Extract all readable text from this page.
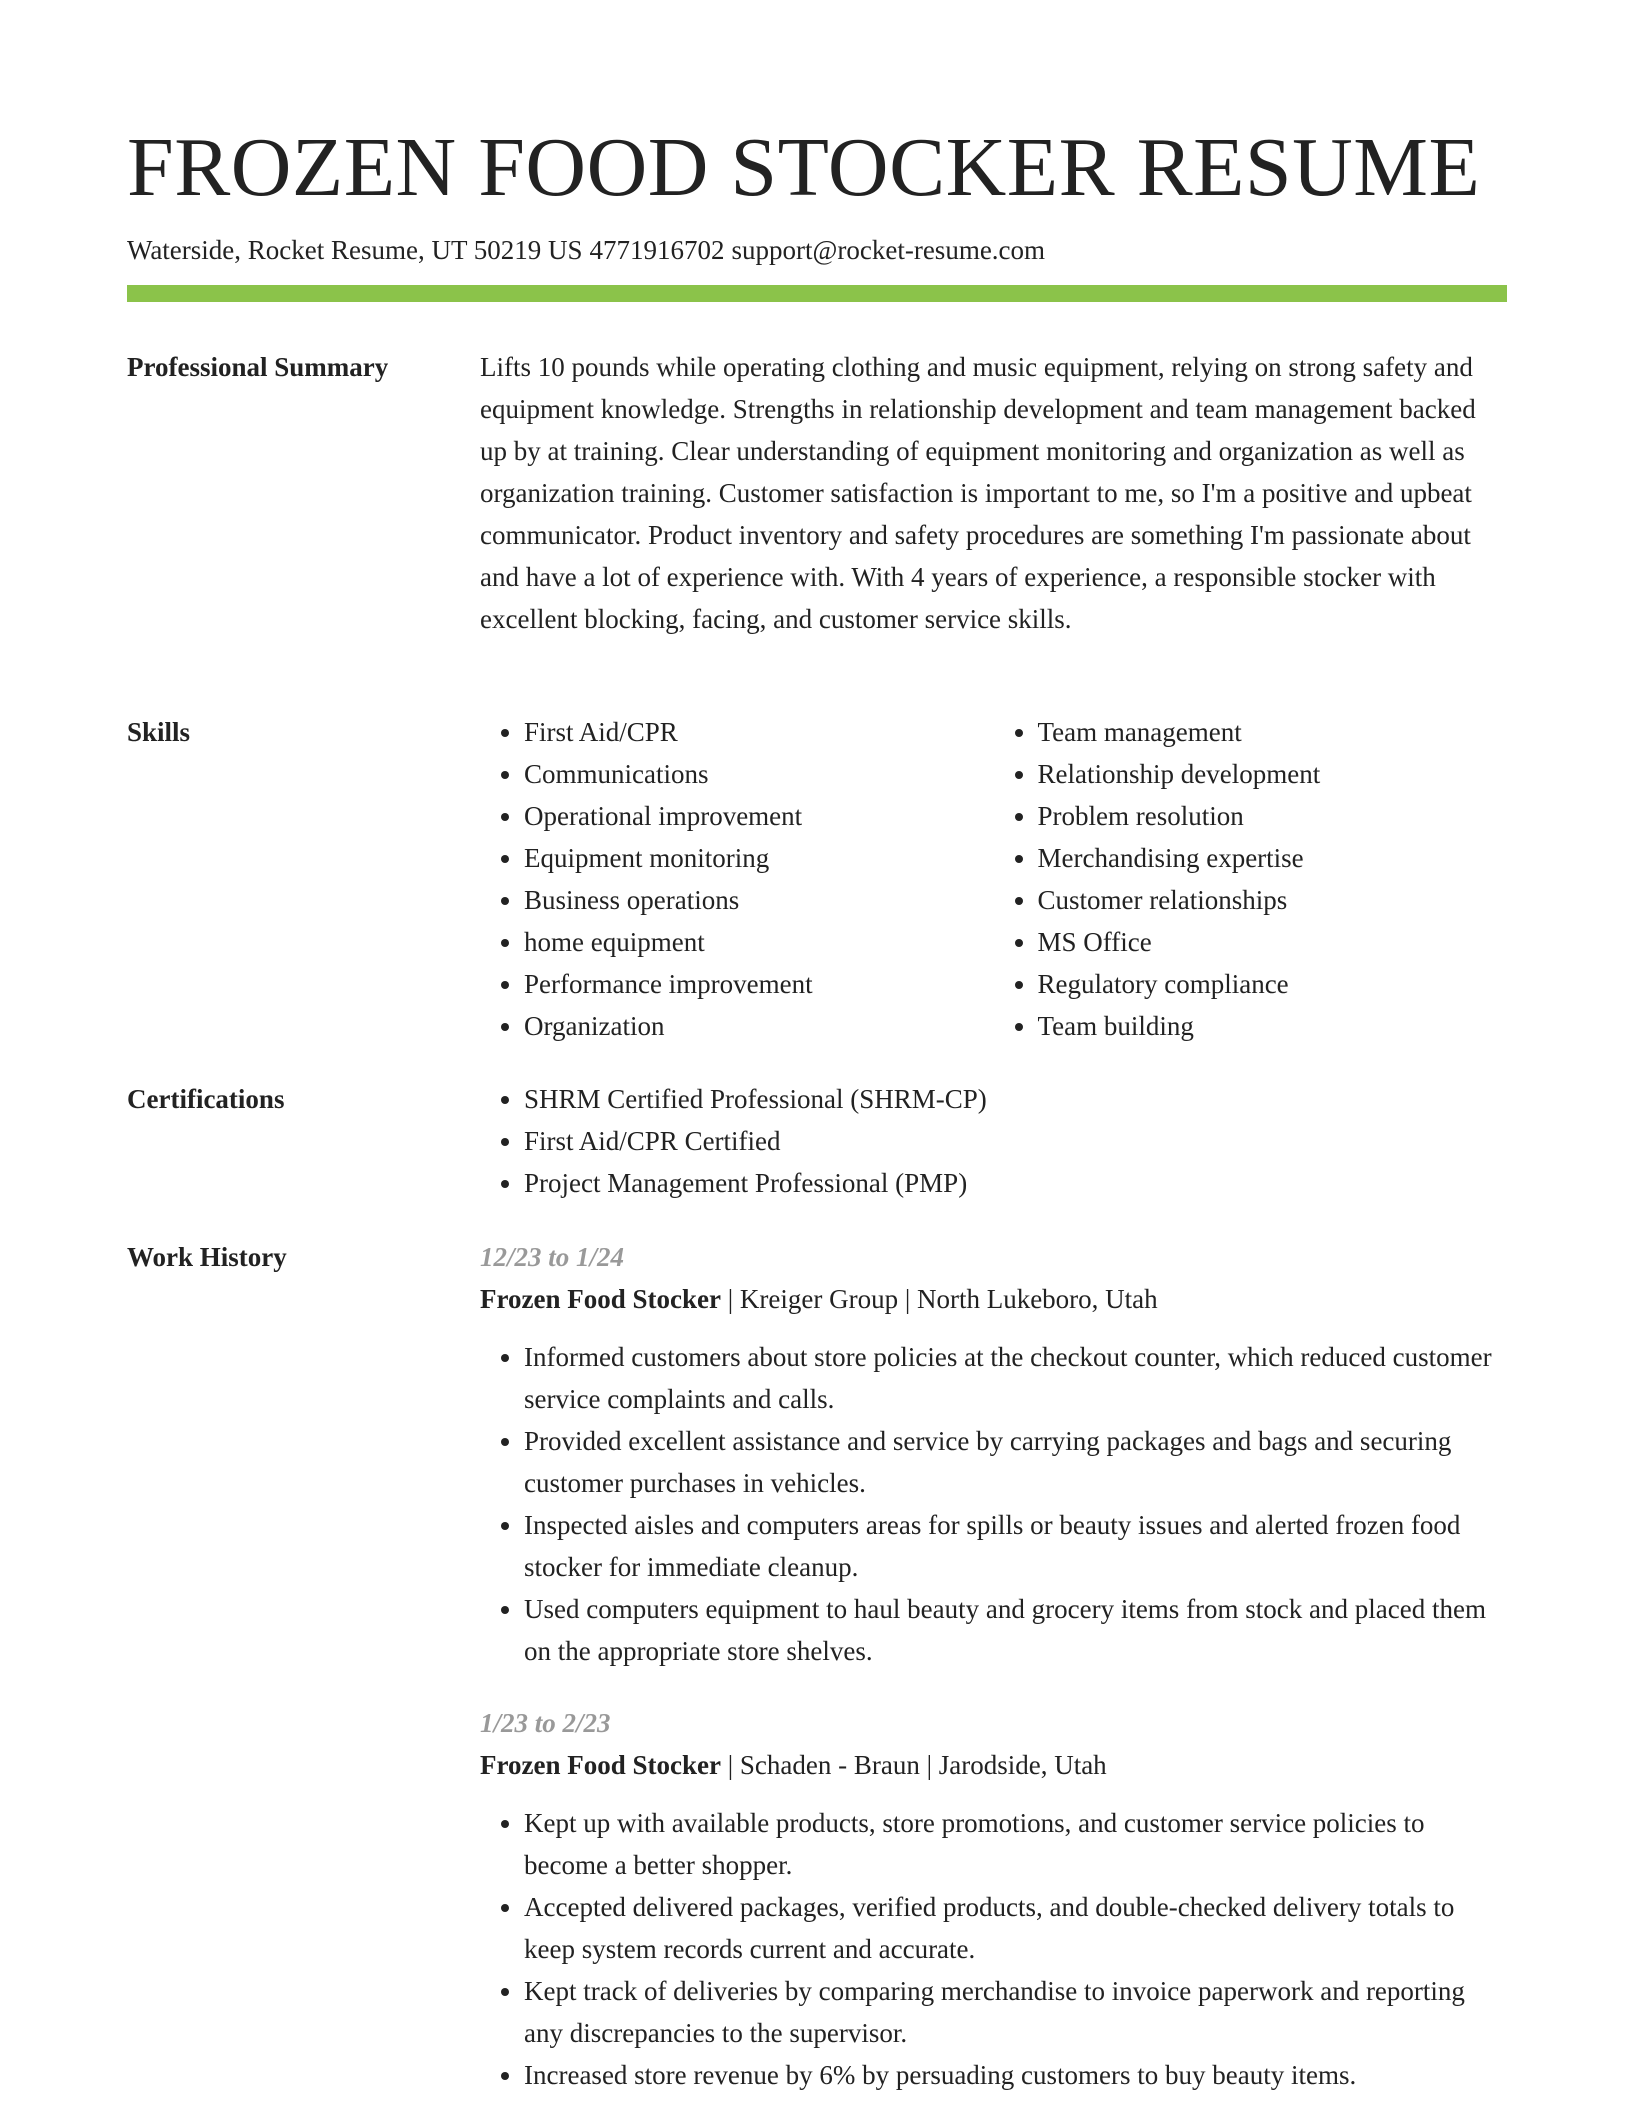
FROZEN FOOD STOCKER RESUME
Waterside, Rocket Resume, UT 50219 US 4771916702 support@rocket-resume.com
Professional Summary	Lifts 10 pounds while operating clothing and music equipment, relying on strong safety and equipment knowledge. Strengths in relationship development and team management backed up by at training. Clear understanding of equipment monitoring and organization as well as organization training. Customer satisfaction is important to me, so I'm a positive and upbeat communicator. Product inventory and safety procedures are something I'm passionate about and have a lot of experience with. With 4 years of experience, a responsible stocker with excellent blocking, facing, and customer service skills.

Skills	• First Aid/CPR
• Communications
• Operational improvement
• Equipment monitoring
• Business operations
• home equipment
• Performance improvement
• Organization
• Team management
• Relationship development
• Problem resolution
• Merchandising expertise
• Customer relationships
• MS Office
• Regulatory compliance
• Team building
Certifications	• SHRM Certified Professional (SHRM-CP)
• First Aid/CPR Certified
• Project Management Professional (PMP)
Work History	12/23 to 1/24
Frozen Food Stocker | Kreiger Group | North Lukeboro, Utah
• Informed customers about store policies at the checkout counter, which reduced customer service complaints and calls.
• Provided excellent assistance and service by carrying packages and bags and securing customer purchases in vehicles.
• Inspected aisles and computers areas for spills or beauty issues and alerted frozen food stocker for immediate cleanup.
• Used computers equipment to haul beauty and grocery items from stock and placed them on the appropriate store shelves.
1/23 to 2/23
Frozen Food Stocker | Schaden - Braun | Jarodside, Utah
• Kept up with available products, store promotions, and customer service policies to become a better shopper.
• Accepted delivered packages, verified products, and double-checked delivery totals to keep system records current and accurate.
• Kept track of deliveries by comparing merchandise to invoice paperwork and reporting any discrepancies to the supervisor.
• Increased store revenue by 6% by persuading customers to buy beauty items.
